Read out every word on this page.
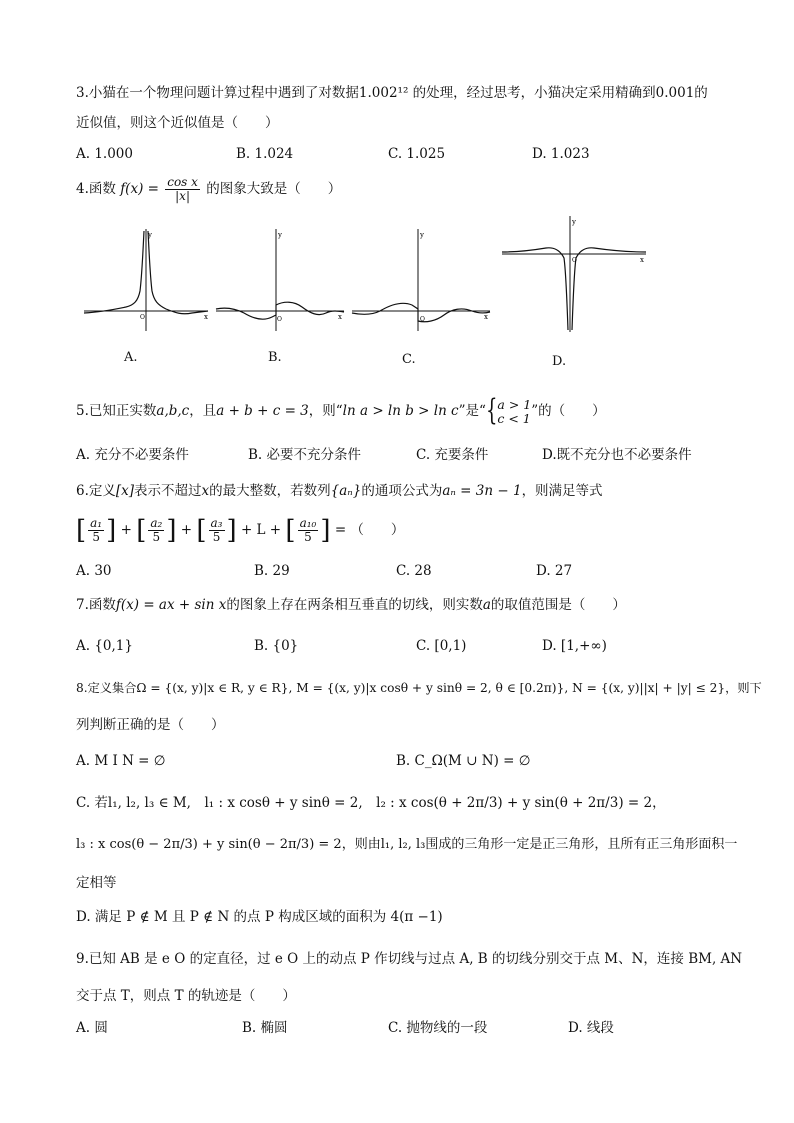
3.小猫在一个物理问题计算过程中遇到了对数据1.002¹² 的处理，经过思考，小猫决定采用精确到0.001的
近似值，则这个近似值是（　　）
A. 1.000	B. 1.024	C. 1.025	D. 1.023
4.函数 $f(x) = \frac{\text{cos x}}{|x|}$ 的图象大致是（　　）
y
x
O
A.
y
x
O
B.
y
x
O
C.
y
x
O
D.
5.已知正实数a,b,c，且a + b + c = 3，则“ln a > ln b > ln c”是“{ a > 1
c < 1 ”的（　　）
A. 充分不必要条件	B. 必要不充分条件	C. 充要条件	D.既不充分也不必要条件
6.定义[x]表示不超过x的最大整数，若数列{aₙ}的通项公式为aₙ = 3n − 1，则满足等式
[ $\frac{\text{a₁}}{5}$ ] + [ $\frac{\text{a₂}}{5}$ ] + [ $\frac{\text{a₃}}{5}$ ] + L + [ $\frac{\text{a₁₀}}{5}$ ] = （　　）
A. 30	B. 29	C. 28	D. 27
7.函数f(x) = ax + sin x的图象上存在两条相互垂直的切线，则实数a的取值范围是（　　）
A. {0,1}	B. {0}	C. [0,1)	D. [1,+∞)
8.定义集合Ω = {(x, y)|x ∈ R, y ∈ R}, M = {(x, y)|x cosθ + y sinθ = 2, θ ∈ [0.2π)}, N = {(x, y)||x| + |y| ≤ 2}，则下
列判断正确的是（　　）
A. M I N = ∅	B. C_Ω(M ∪ N) = ∅
C. 若l₁, l₂, l₃ ∈ M,　l₁ : x cosθ + y sinθ = 2,　l₂ : x cos(θ + 2π/3) + y sin(θ + 2π/3) = 2，
l₃ : x cos(θ − 2π/3) + y sin(θ − 2π/3) = 2，则由l₁, l₂, l₃围成的三角形一定是正三角形，且所有正三角形面积一
定相等
D. 满足 P ∉ M 且 P ∉ N 的点 P 构成区域的面积为 4(π −1)
9.已知 AB 是 e O 的定直径，过 e O 上的动点 P 作切线与过点 A, B 的切线分别交于点 M、N，连接 BM, AN
交于点 T，则点 T 的轨迹是（　　）
A. 圆	B. 椭圆	C. 抛物线的一段	D. 线段
